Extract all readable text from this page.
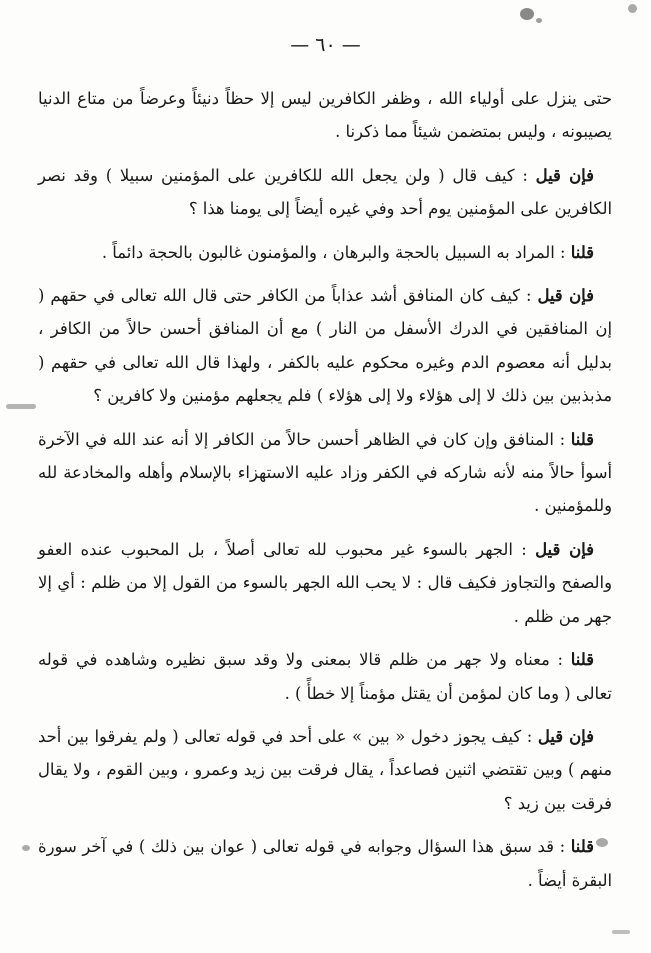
— ٦٠ —

حتى ينزل على أولياء الله ، وظفر الكافرين ليس إلا حظاً دنيئاً وعرضاً من متاع الدنيا يصيبونه ، وليس بمتضمن شيئاً مما ذكرنا .

فإن قيل : كيف قال ( ولن يجعل الله للكافرين على المؤمنين سبيلا ) وقد نصر الكافرين على المؤمنين يوم أحد وفي غيره أيضاً إلى يومنا هذا ؟

قلنا : المراد به السبيل بالحجة والبرهان ، والمؤمنون غالبون بالحجة دائماً .

فإن قيل : كيف كان المنافق أشد عذاباً من الكافر حتى قال الله تعالى في حقهم ( إن المنافقين في الدرك الأسفل من النار ) مع أن المنافق أحسن حالاً من الكافر ، بدليل أنه معصوم الدم وغيره محكوم عليه بالكفر ، ولهذا قال الله تعالى في حقهم ( مذبذبين بين ذلك لا إلى هؤلاء ولا إلى هؤلاء ) فلم يجعلهم مؤمنين ولا كافرين ؟

قلنا : المنافق وإن كان في الظاهر أحسن حالاً من الكافر إلا أنه عند الله في الآخرة أسوأ حالاً منه لأنه شاركه في الكفر وزاد عليه الاستهزاء بالإسلام وأهله والمخادعة لله وللمؤمنين .

فإن قيل : الجهر بالسوء غير محبوب لله تعالى أصلاً ، بل المحبوب عنده العفو والصفح والتجاوز فكيف قال : لا يحب الله الجهر بالسوء من القول إلا من ظلم : أي إلا جهر من ظلم .

قلنا : معناه ولا جهر من ظلم قالا بمعنى ولا وقد سبق نظيره وشاهده في قوله تعالى ( وما كان لمؤمن أن يقتل مؤمناً إلا خطأً ) .

فإن قيل : كيف يجوز دخول « بين » على أحد في قوله تعالى ( ولم يفرقوا بين أحد منهم ) وبين تقتضي اثنين فصاعداً ، يقال فرقت بين زيد وعمرو ، وبين القوم ، ولا يقال فرقت بين زيد ؟

قلنا : قد سبق هذا السؤال وجوابه في قوله تعالى ( عوان بين ذلك ) في آخر سورة البقرة أيضاً .
